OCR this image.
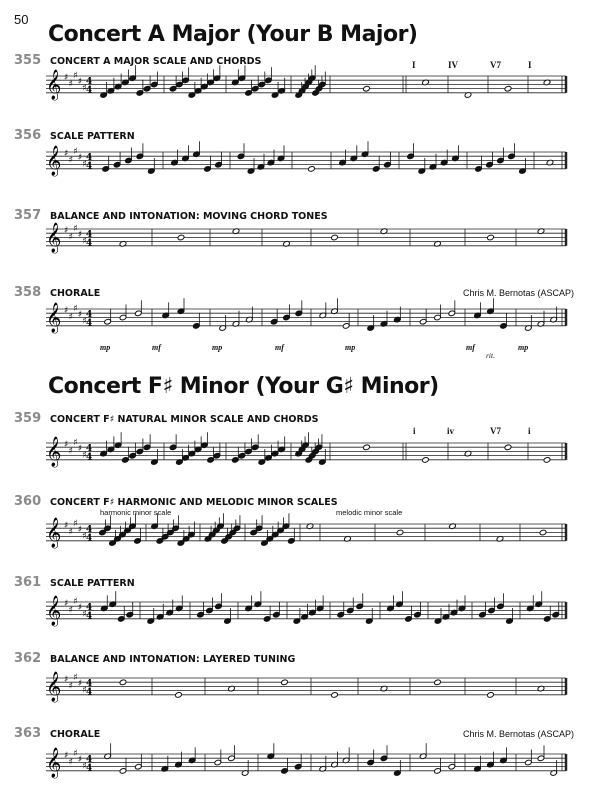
50
Concert A Major (Your B Major)
Concert F♯ Minor (Your G♯ Minor)
355 CONCERT A MAJOR SCALE AND CHORDS
356 SCALE PATTERN
357 BALANCE AND INTONATION: MOVING CHORD TONES
358 CHORALE	Chris M. Bernotas (ASCAP)
359 CONCERT F♯ NATURAL MINOR SCALE AND CHORDS
360 CONCERT F♯ HARMONIC AND MELODIC MINOR SCALES
harmonic minor scale	melodic minor scale
361 SCALE PATTERN
362 BALANCE AND INTONATION: LAYERED TUNING
363 CHORALE	Chris M. Bernotas (ASCAP)
I	IV	V7	I
i	iv	V7	i
mp	mf	mp	mf	mp	mf	mp
rit.
𝄞 ♯
♯
♯
♯
♯
4
4
𝄞 ♯
♯
♯
♯
♯
4
4
𝄞 ♯
♯
♯
♯
♯
4
4
𝄞 ♯
♯
♯
♯
♯
4
4
𝄞 ♯
♯
♯
♯
♯
4
4
𝄞 ♯
♯
♯
♯
♯
4
4
𝄞 ♯
♯
♯
♯
♯
4
4
𝄞 ♯
♯
♯
♯
♯
4
4
𝄞 ♯
♯
♯
♯
♯
4
4
